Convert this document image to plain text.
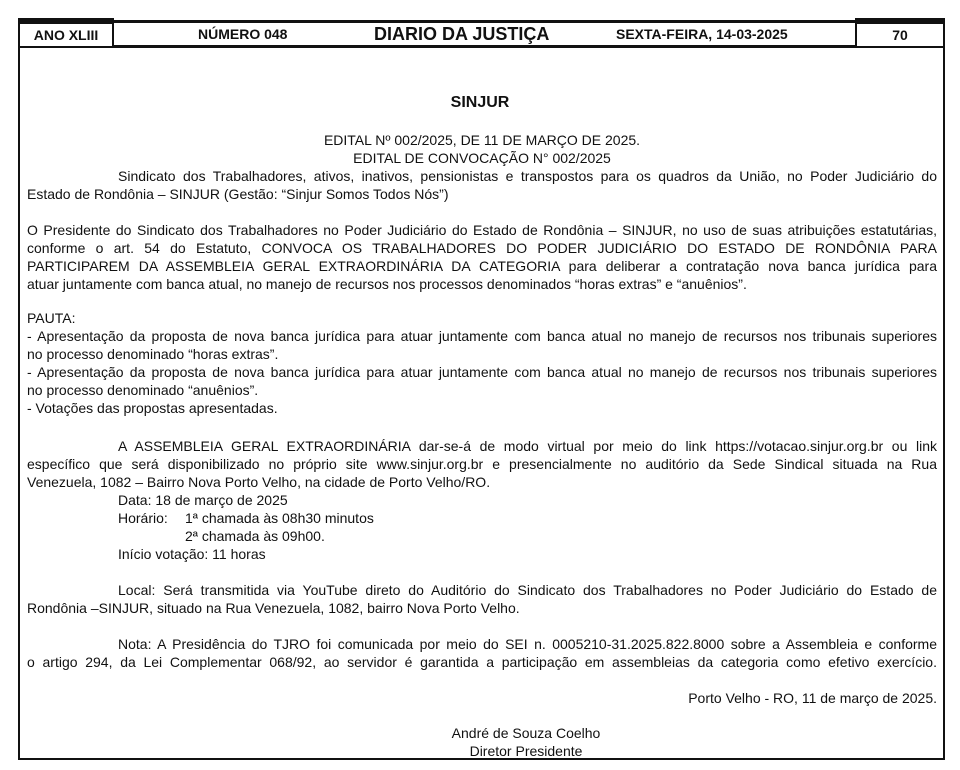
ANO XLIII	NÚMERO 048	DIARIO DA JUSTIÇA	SEXTA-FEIRA, 14-03-2025	70
SINJUR
EDITAL Nº 002/2025, DE 11 DE MARÇO DE 2025.
EDITAL DE CONVOCAÇÃO N° 002/2025
Sindicato dos Trabalhadores, ativos, inativos, pensionistas e transpostos para os quadros da União, no Poder Judiciário do
Estado de Rondônia – SINJUR (Gestão: “Sinjur Somos Todos Nós”)
O Presidente do Sindicato dos Trabalhadores no Poder Judiciário do Estado de Rondônia – SINJUR, no uso de suas atribuições estatutárias,
conforme o art. 54 do Estatuto, CONVOCA OS TRABALHADORES DO PODER JUDICIÁRIO DO ESTADO DE RONDÔNIA PARA
PARTICIPAREM DA ASSEMBLEIA GERAL EXTRAORDINÁRIA DA CATEGORIA para deliberar a contratação nova banca jurídica para
atuar juntamente com banca atual, no manejo de recursos nos processos denominados “horas extras” e “anuênios”.
PAUTA:
- Apresentação da proposta de nova banca jurídica para atuar juntamente com banca atual no manejo de recursos nos tribunais superiores
no processo denominado “horas extras”.
- Apresentação da proposta de nova banca jurídica para atuar juntamente com banca atual no manejo de recursos nos tribunais superiores
no processo denominado “anuênios”.
- Votações das propostas apresentadas.
A ASSEMBLEIA GERAL EXTRAORDINÁRIA dar-se-á de modo virtual por meio do link https://votacao.sinjur.org.br ou link
específico que será disponibilizado no próprio site www.sinjur.org.br e presencialmente no auditório da Sede Sindical situada na Rua
Venezuela, 1082 – Bairro Nova Porto Velho, na cidade de Porto Velho/RO.
Data: 18 de março de 2025
Horário: 1ª chamada às 08h30 minutos
2ª chamada às 09h00.
Início votação: 11 horas
Local: Será transmitida via YouTube direto do Auditório do Sindicato dos Trabalhadores no Poder Judiciário do Estado de
Rondônia –SINJUR, situado na Rua Venezuela, 1082, bairro Nova Porto Velho.
Nota: A Presidência do TJRO foi comunicada por meio do SEI n. 0005210-31.2025.822.8000 sobre a Assembleia e conforme
o artigo 294, da Lei Complementar 068/92, ao servidor é garantida a participação em assembleias da categoria como efetivo exercício.
Porto Velho - RO, 11 de março de 2025.
André de Souza Coelho
Diretor Presidente
